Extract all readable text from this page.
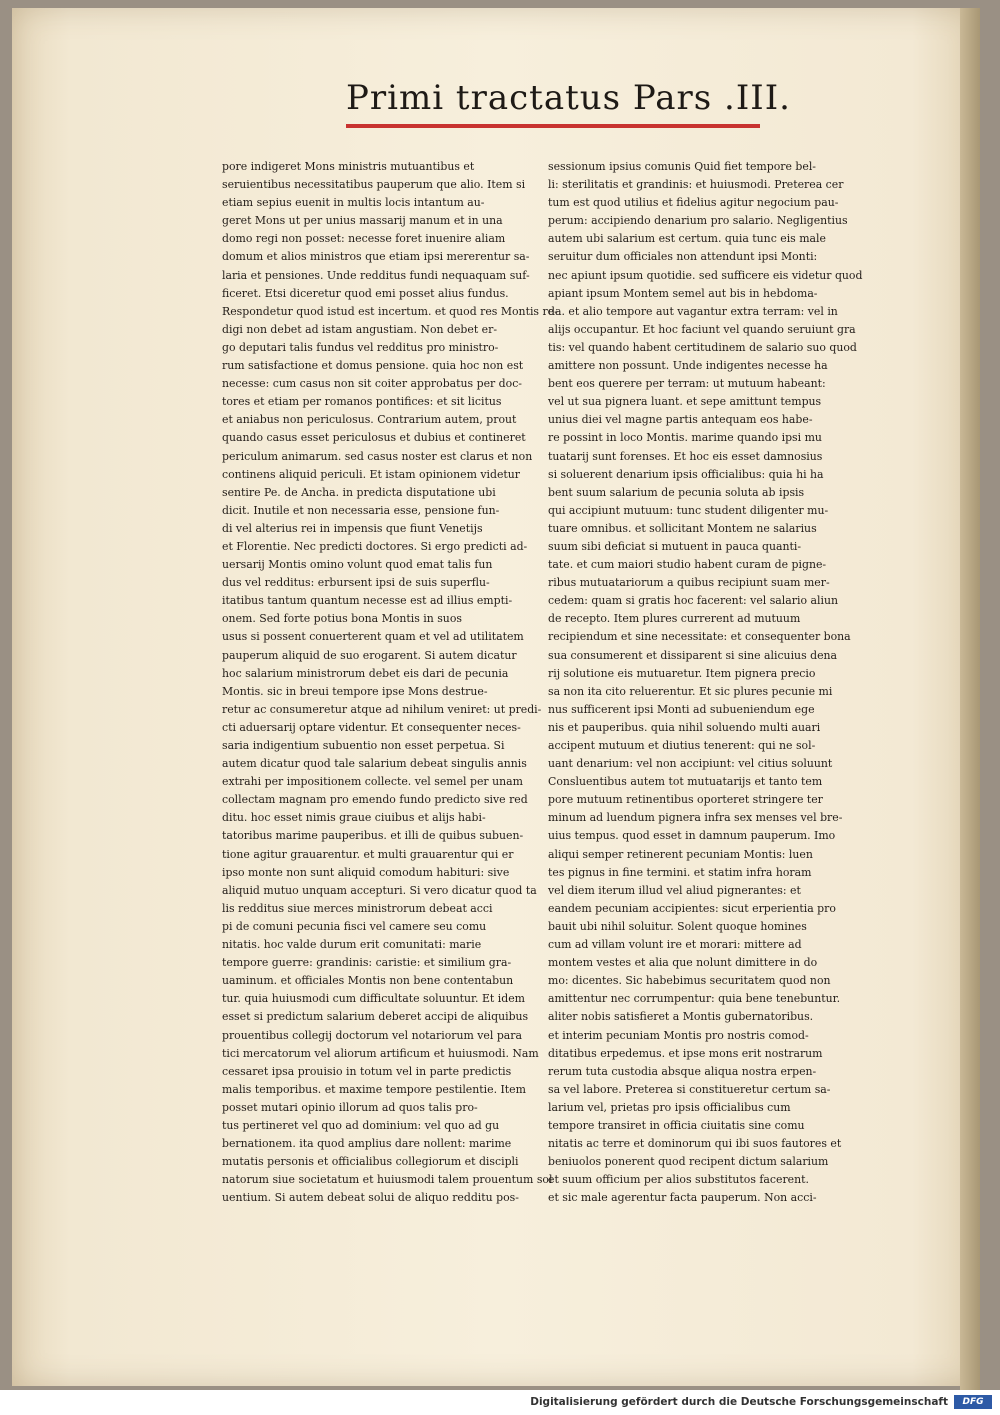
Primi tractatus Pars .III.
pore indigeret Mons ministris mutuantibus et
seruientibus necessitatibus pauperum que alio. Item si
etiam sepius euenit in multis locis intantum au-
geret Mons ut per unius massarij manum et in una
domo regi non posset: necesse foret inuenire aliam
domum et alios ministros que etiam ipsi mererentur sa-
laria et pensiones. Unde redditus fundi nequaquam suf-
ficeret. Etsi diceretur quod emi posset alius fundus.
Respondetur quod istud est incertum. et quod res Montis re-
digi non debet ad istam angustiam. Non debet er-
go deputari talis fundus vel redditus pro ministro-
rum satisfactione et domus pensione. quia hoc non est
necesse: cum casus non sit coiter approbatus per doc-
tores et etiam per romanos pontifices: et sit licitus
et aniabus non periculosus. Contrarium autem, prout
quando casus esset periculosus et dubius et contineret
periculum animarum. sed casus noster est clarus et non
continens aliquid periculi. Et istam opinionem videtur
sentire Pe. de Ancha. in predicta disputatione ubi
dicit. Inutile et non necessaria esse, pensione fun-
di vel alterius rei in impensis que fiunt Venetijs
et Florentie. Nec predicti doctores. Si ergo predicti ad-
uersarij Montis omino volunt quod emat talis fun
dus vel redditus: erbursent ipsi de suis superflu-
itatibus tantum quantum necesse est ad illius empti-
onem. Sed forte potius bona Montis in suos
usus si possent conuerterent quam et vel ad utilitatem
pauperum aliquid de suo erogarent. Si autem dicatur
hoc salarium ministrorum debet eis dari de pecunia
Montis. sic in breui tempore ipse Mons destrue-
retur ac consumeretur atque ad nihilum veniret: ut predi-
cti aduersarij optare videntur. Et consequenter neces-
saria indigentium subuentio non esset perpetua. Si
autem dicatur quod tale salarium debeat singulis annis
extrahi per impositionem collecte. vel semel per unam
collectam magnam pro emendo fundo predicto sive red
ditu. hoc esset nimis graue ciuibus et alijs habi-
tatoribus marime pauperibus. et illi de quibus subuen-
tione agitur grauarentur. et multi grauarentur qui er
ipso monte non sunt aliquid comodum habituri: sive
aliquid mutuo unquam accepturi. Si vero dicatur quod ta
lis redditus siue merces ministrorum debeat acci
pi de comuni pecunia fisci vel camere seu comu
nitatis. hoc valde durum erit comunitati: marie
tempore guerre: grandinis: caristie: et similium gra-
uaminum. et officiales Montis non bene contentabun
tur. quia huiusmodi cum difficultate soluuntur. Et idem
esset si predictum salarium deberet accipi de aliquibus
prouentibus collegij doctorum vel notariorum vel para
tici mercatorum vel aliorum artificum et huiusmodi. Nam
cessaret ipsa prouisio in totum vel in parte predictis
malis temporibus. et maxime tempore pestilentie. Item
posset mutari opinio illorum ad quos talis pro-
tus pertineret vel quo ad dominium: vel quo ad gu
bernationem. ita quod amplius dare nollent: marime
mutatis personis et officialibus collegiorum et discipli
natorum siue societatum et huiusmodi talem prouentum sol
uentium. Si autem debeat solui de aliquo redditu pos-
sessionum ipsius comunis Quid fiet tempore bel-
li: sterilitatis et grandinis: et huiusmodi. Preterea cer
tum est quod utilius et fidelius agitur negocium pau-
perum: accipiendo denarium pro salario. Negligentius
autem ubi salarium est certum. quia tunc eis male
seruitur dum officiales non attendunt ipsi Monti:
nec apiunt ipsum quotidie. sed sufficere eis videtur quod
apiant ipsum Montem semel aut bis in hebdoma-
da. et alio tempore aut vagantur extra terram: vel in
alijs occupantur. Et hoc faciunt vel quando seruiunt gra
tis: vel quando habent certitudinem de salario suo quod
amittere non possunt. Unde indigentes necesse ha
bent eos querere per terram: ut mutuum habeant:
vel ut sua pignera luant. et sepe amittunt tempus
unius diei vel magne partis antequam eos habe-
re possint in loco Montis. marime quando ipsi mu
tuatarij sunt forenses. Et hoc eis esset damnosius
si soluerent denarium ipsis officialibus: quia hi ha
bent suum salarium de pecunia soluta ab ipsis
qui accipiunt mutuum: tunc student diligenter mu-
tuare omnibus. et sollicitant Montem ne salarius
suum sibi deficiat si mutuent in pauca quanti-
tate. et cum maiori studio habent curam de pigne-
ribus mutuatariorum a quibus recipiunt suam mer-
cedem: quam si gratis hoc facerent: vel salario aliun
de recepto. Item plures currerent ad mutuum
recipiendum et sine necessitate: et consequenter bona
sua consumerent et dissiparent si sine alicuius dena
rij solutione eis mutuaretur. Item pignera precio
sa non ita cito reluerentur. Et sic plures pecunie mi
nus sufficerent ipsi Monti ad subueniendum ege
nis et pauperibus. quia nihil soluendo multi auari
accipent mutuum et diutius tenerent: qui ne sol-
uant denarium: vel non accipiunt: vel citius soluunt
Consluentibus autem tot mutuatarijs et tanto tem
pore mutuum retinentibus oporteret stringere ter
minum ad luendum pignera infra sex menses vel bre-
uius tempus. quod esset in damnum pauperum. Imo
aliqui semper retinerent pecuniam Montis: luen
tes pignus in fine termini. et statim infra horam
vel diem iterum illud vel aliud pignerantes: et
eandem pecuniam accipientes: sicut erperientia pro
bauit ubi nihil soluitur. Solent quoque homines
cum ad villam volunt ire et morari: mittere ad
montem vestes et alia que nolunt dimittere in do
mo: dicentes. Sic habebimus securitatem quod non
amittentur nec corrumpentur: quia bene tenebuntur.
aliter nobis satisfieret a Montis gubernatoribus.
et interim pecuniam Montis pro nostris comod-
ditatibus erpedemus. et ipse mons erit nostrarum
rerum tuta custodia absque aliqua nostra erpen-
sa vel labore. Preterea si constitueretur certum sa-
larium vel, prietas pro ipsis officialibus cum
tempore transiret in officia ciuitatis sine comu
nitatis ac terre et dominorum qui ibi suos fautores et
beniuolos ponerent quod recipent dictum salarium
et suum officium per alios substitutos facerent.
et sic male agerentur facta pauperum. Non acci-
Digitalisierung gefördert durch die Deutsche Forschungsgemeinschaft	DFG
